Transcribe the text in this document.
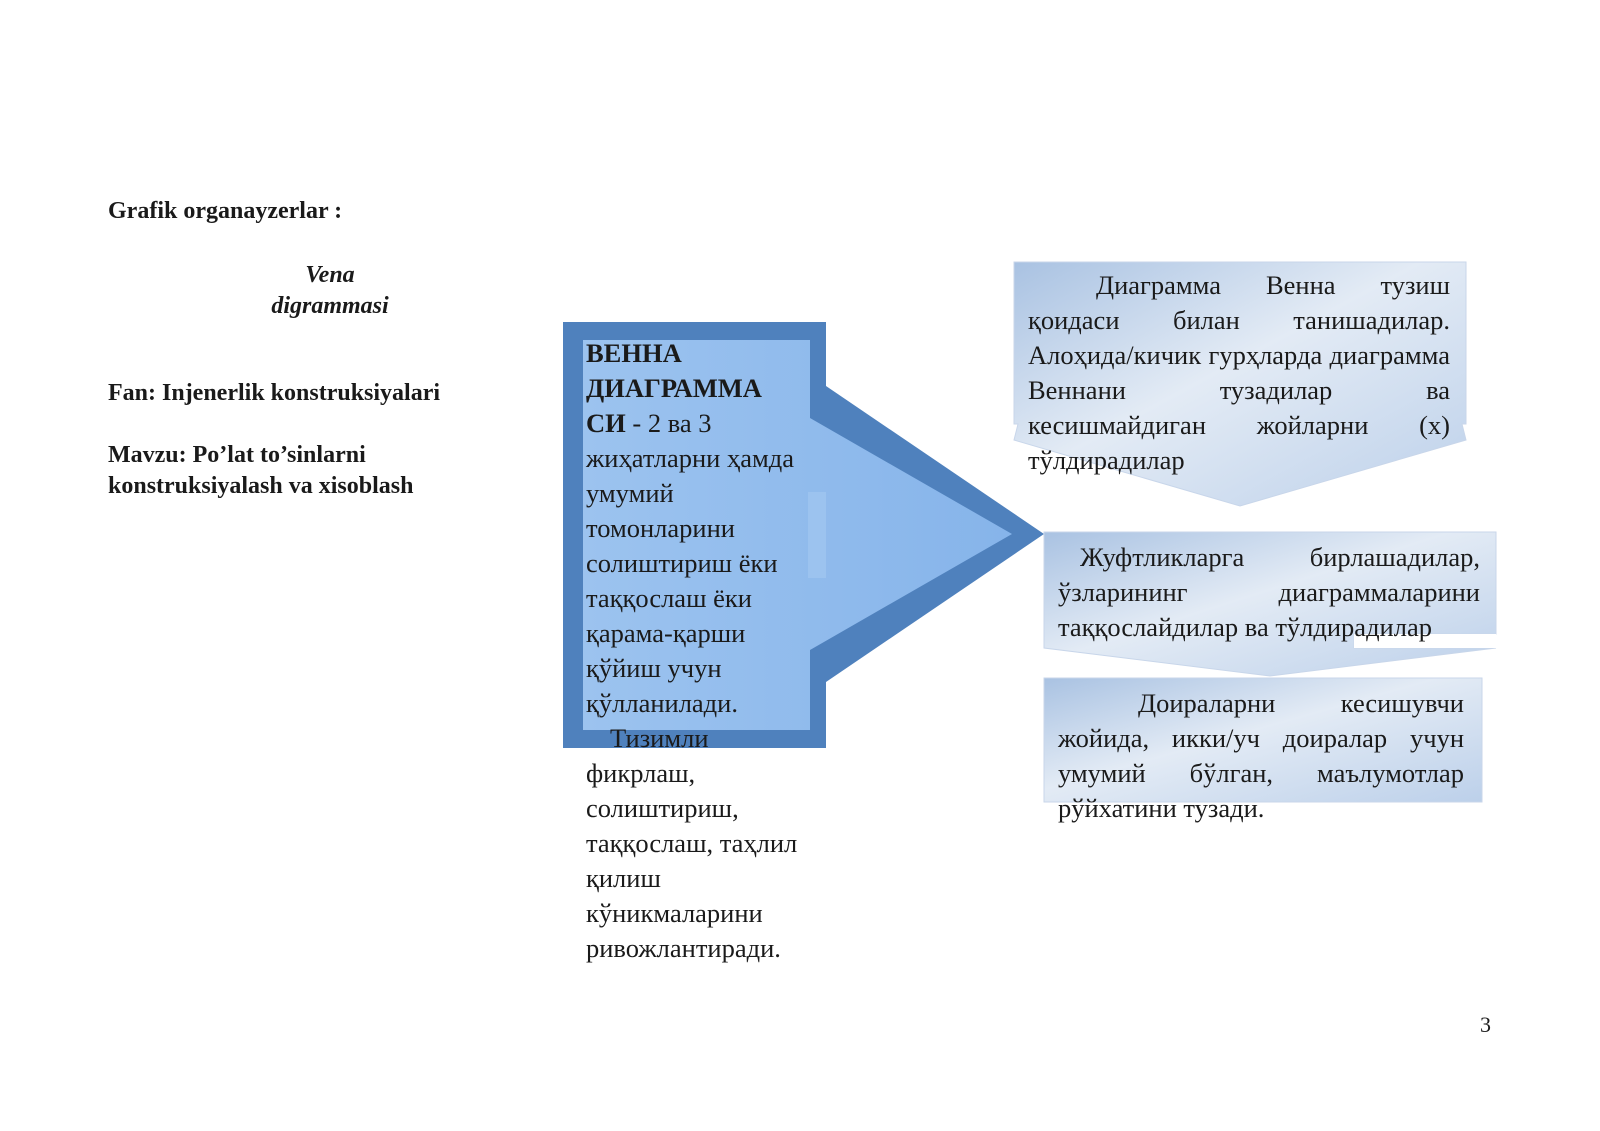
Grafik organayzerlar :
Vena
digrammasi
Fan: Injenerlik konstruksiyalari
Mavzu: Po’lat to’sinlarni konstruksiyalash va xisoblash

ВЕННА ДИАГРАММА СИ - 2 ва 3 жиҳатларни ҳамда умумий томонларини солиштириш ёки таққослаш ёки қарама-қарши қўйиш учун қўлланилади.

Тизимли фикрлаш, солиштириш, таққослаш, таҳлил қилиш кўникмаларини ривожлантиради.

Диаграмма Венна тузиш қоидаси билан танишадилар. Алоҳида/кичик гурҳларда диаграмма Веннани тузадилар ва кесишмайдиган жойларни (х) тўлдирадилар
Жуфтликларга бирлашадилар, ўзларининг диаграммаларини таққослайдилар ва тўлдирадилар
Доираларни кесишувчи жойида, икки/уч доиралар учун умумий бўлган, маълумотлар рўйхатини тузади.
3
